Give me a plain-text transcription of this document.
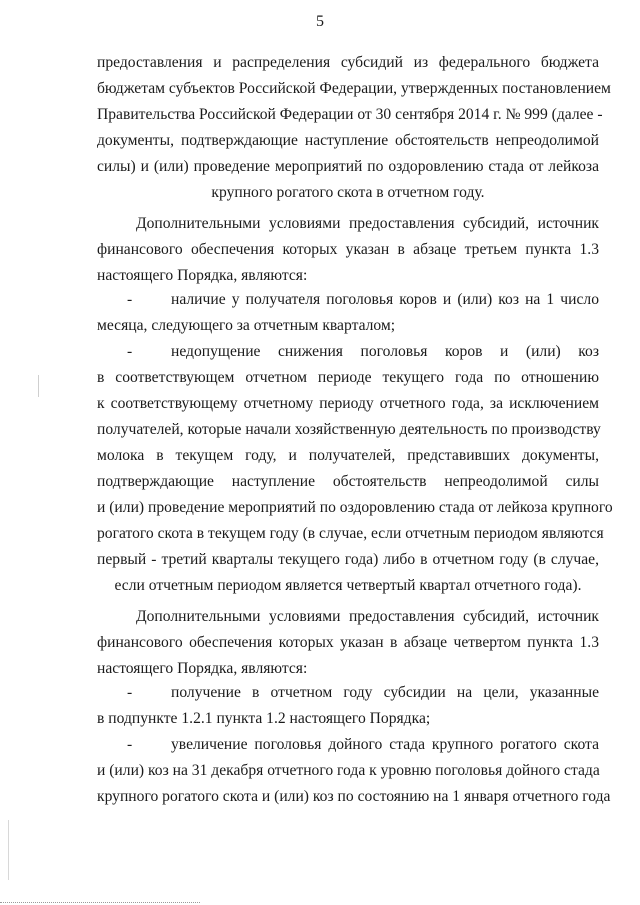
5
предоставления и распределения субсидий из федерального бюджета
бюджетам субъектов Российской Федерации, утвержденных постановлением
Правительства Российской Федерации от 30 сентября 2014 г. № 999 (далее -
документы, подтверждающие наступление обстоятельств непреодолимой
силы) и (или) проведение мероприятий по оздоровлению стада от лейкоза
крупного рогатого скота в отчетном году.
Дополнительными условиями предоставления субсидий, источник
финансового обеспечения которых указан в абзаце третьем пункта 1.3
настоящего Порядка, являются:
-	наличие у получателя поголовья коров и (или) коз на 1 число
месяца, следующего за отчетным кварталом;
-	недопущение снижения поголовья коров и (или) коз
в соответствующем отчетном периоде текущего года по отношению
к соответствующему отчетному периоду отчетного года, за исключением
получателей, которые начали хозяйственную деятельность по производству
молока в текущем году, и получателей, представивших документы,
подтверждающие наступление обстоятельств непреодолимой силы
и (или) проведение мероприятий по оздоровлению стада от лейкоза крупного
рогатого скота в текущем году (в случае, если отчетным периодом являются
первый - третий кварталы текущего года) либо в отчетном году (в случае,
если отчетным периодом является четвертый квартал отчетного года).
Дополнительными условиями предоставления субсидий, источник
финансового обеспечения которых указан в абзаце четвертом пункта 1.3
настоящего Порядка, являются:
-	получение в отчетном году субсидии на цели, указанные
в подпункте 1.2.1 пункта 1.2 настоящего Порядка;
-	увеличение поголовья дойного стада крупного рогатого скота
и (или) коз на 31 декабря отчетного года к уровню поголовья дойного стада
крупного рогатого скота и (или) коз по состоянию на 1 января отчетного года
